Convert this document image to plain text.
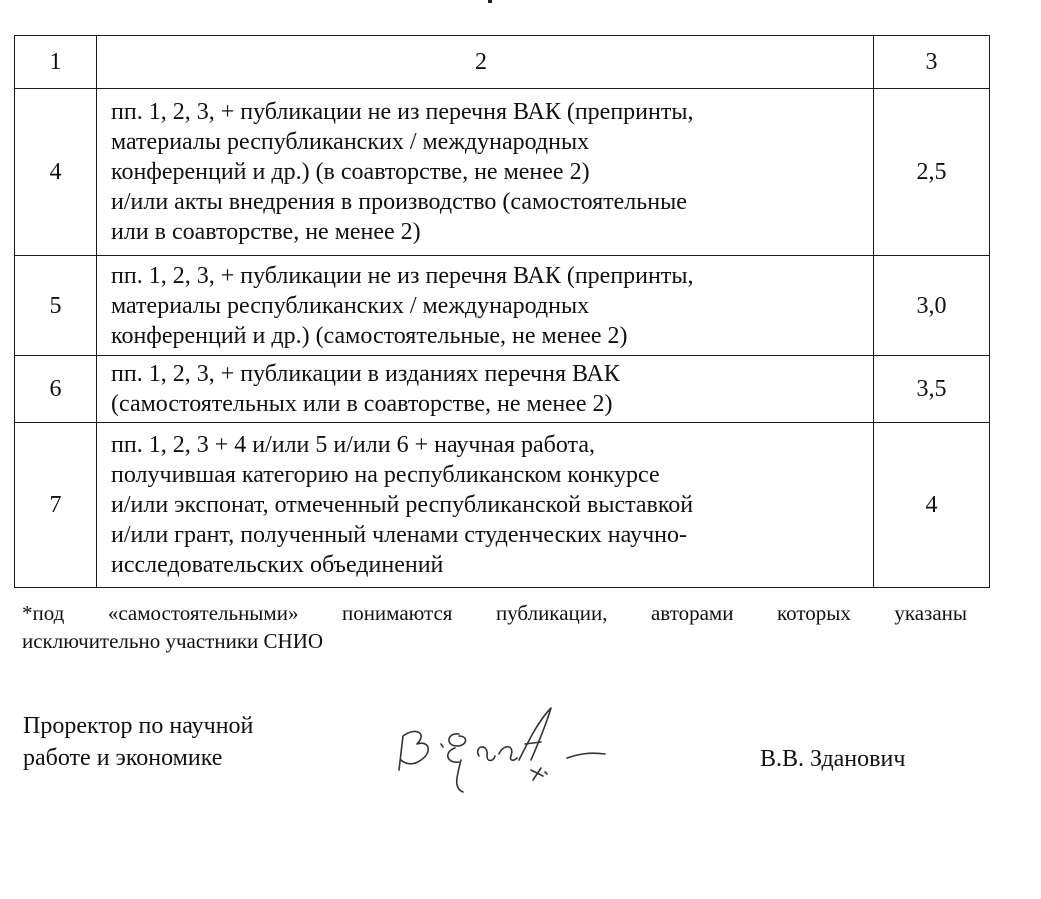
1	2	3
4	пп. 1, 2, 3, + публикации не из перечня ВАК (препринты,
материалы республиканских / международных
конференций и др.) (в соавторстве, не менее 2)
и/или акты внедрения в производство (самостоятельные
или в соавторстве, не менее 2)	2,5
5	пп. 1, 2, 3, + публикации не из перечня ВАК (препринты,
материалы республиканских / международных
конференций и др.) (самостоятельные, не менее 2)	3,0
6	пп. 1, 2, 3, + публикации в изданиях перечня ВАК
(самостоятельных или в соавторстве, не менее 2)	3,5
7	пп. 1, 2, 3 + 4 и/или 5 и/или 6 + научная работа,
получившая категорию на республиканском конкурсе
и/или экспонат, отмеченный республиканской выставкой
и/или грант, полученный членами студенческих научно-
исследовательских объединений	4
*под «самостоятельными» понимаются публикации, авторами которых указаны
исключительно участники СНИО
Проректор по научной
работе и экономике	В.В. Зданович
